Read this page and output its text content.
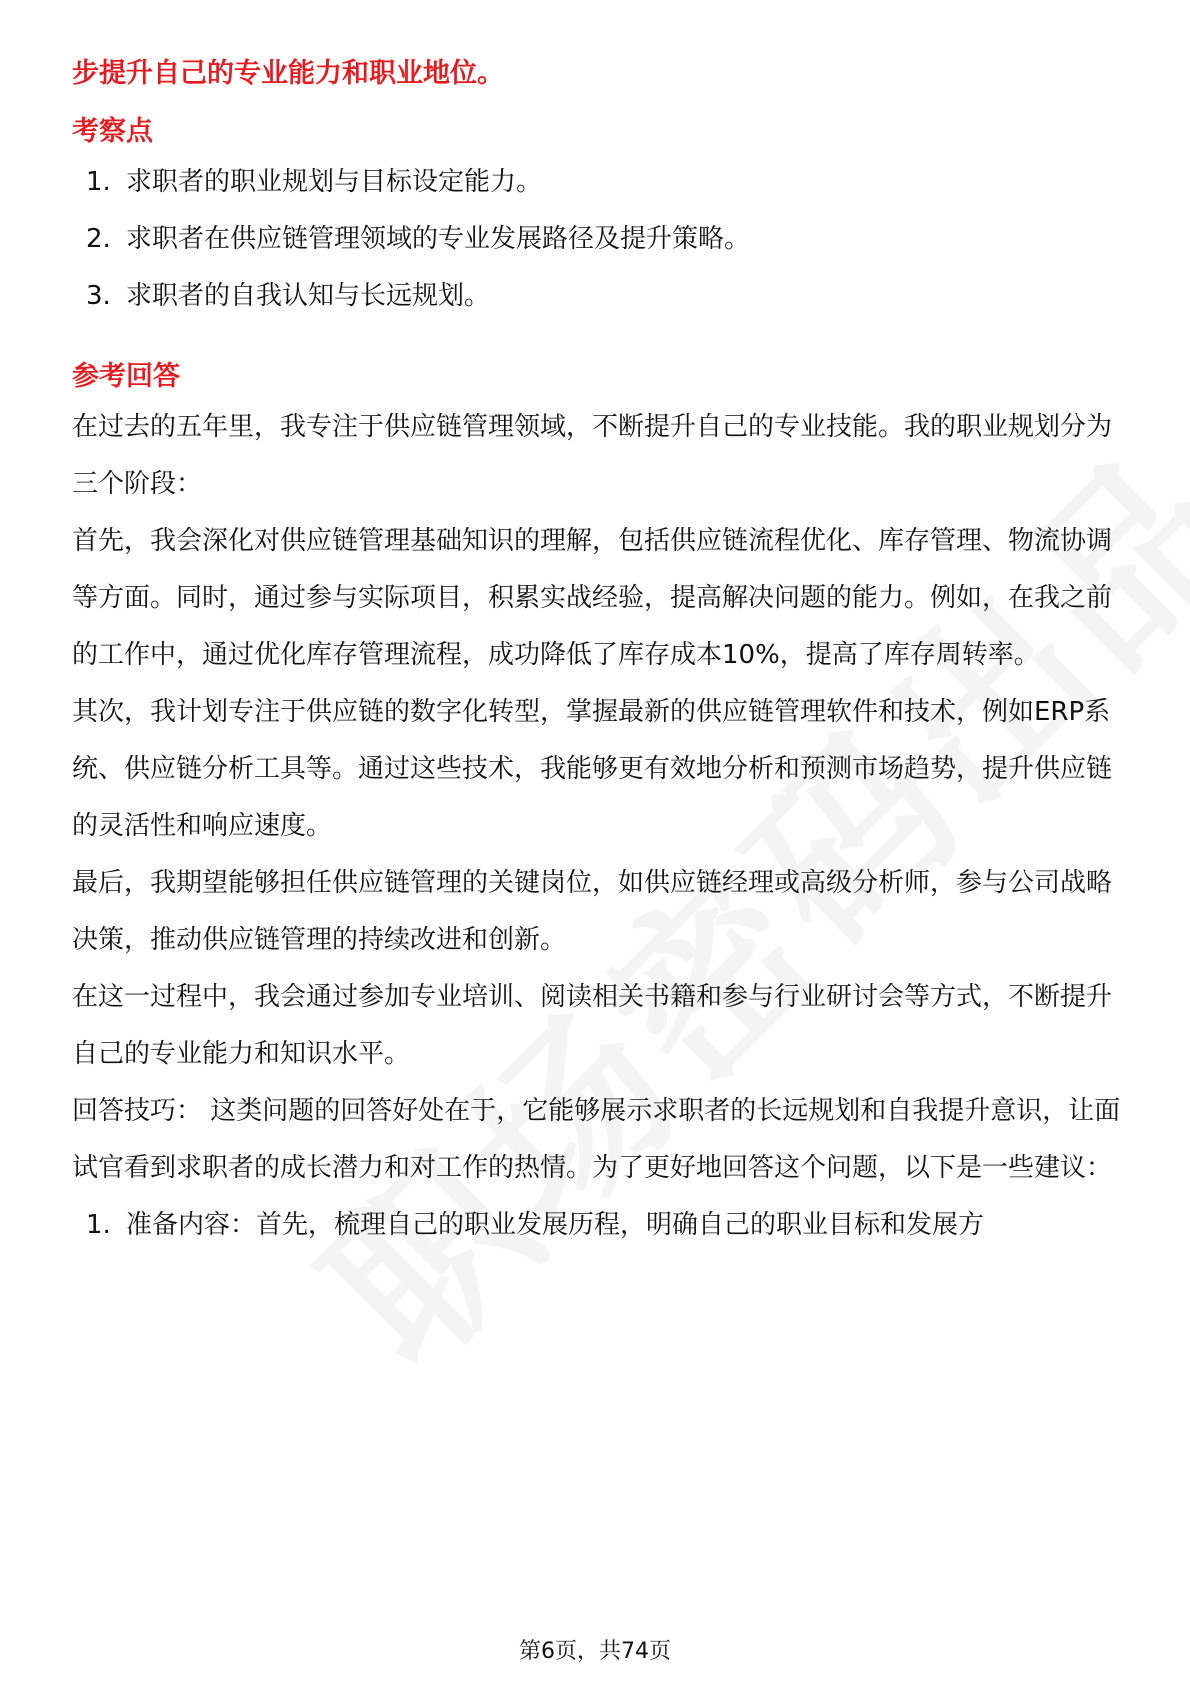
步提升自己的专业能力和职业地位。

考察点

1. 求职者的职业规划与目标设定能力。
2. 求职者在供应链管理领域的专业发展路径及提升策略。
3. 求职者的自我认知与长远规划。

参考回答

在过去的五年里，我专注于供应链管理领域，不断提升自己的专业技能。我的职业规划分为三个阶段：

首先，我会深化对供应链管理基础知识的理解，包括供应链流程优化、库存管理、物流协调等方面。同时，通过参与实际项目，积累实战经验，提高解决问题的能力。例如，在我之前的工作中，通过优化库存管理流程，成功降低了库存成本10%，提高了库存周转率。

其次，我计划专注于供应链的数字化转型，掌握最新的供应链管理软件和技术，例如ERP系统、供应链分析工具等。通过这些技术，我能够更有效地分析和预测市场趋势，提升供应链的灵活性和响应速度。

最后，我期望能够担任供应链管理的关键岗位，如供应链经理或高级分析师，参与公司战略决策，推动供应链管理的持续改进和创新。

在这一过程中，我会通过参加专业培训、阅读相关书籍和参与行业研讨会等方式，不断提升自己的专业能力和知识水平。

回答技巧： 这类问题的回答好处在于，它能够展示求职者的长远规划和自我提升意识，让面试官看到求职者的成长潜力和对工作的热情。为了更好地回答这个问题，以下是一些建议：

1. 准备内容：首先，梳理自己的职业发展历程，明确自己的职业目标和发展方
第6页，共74页
